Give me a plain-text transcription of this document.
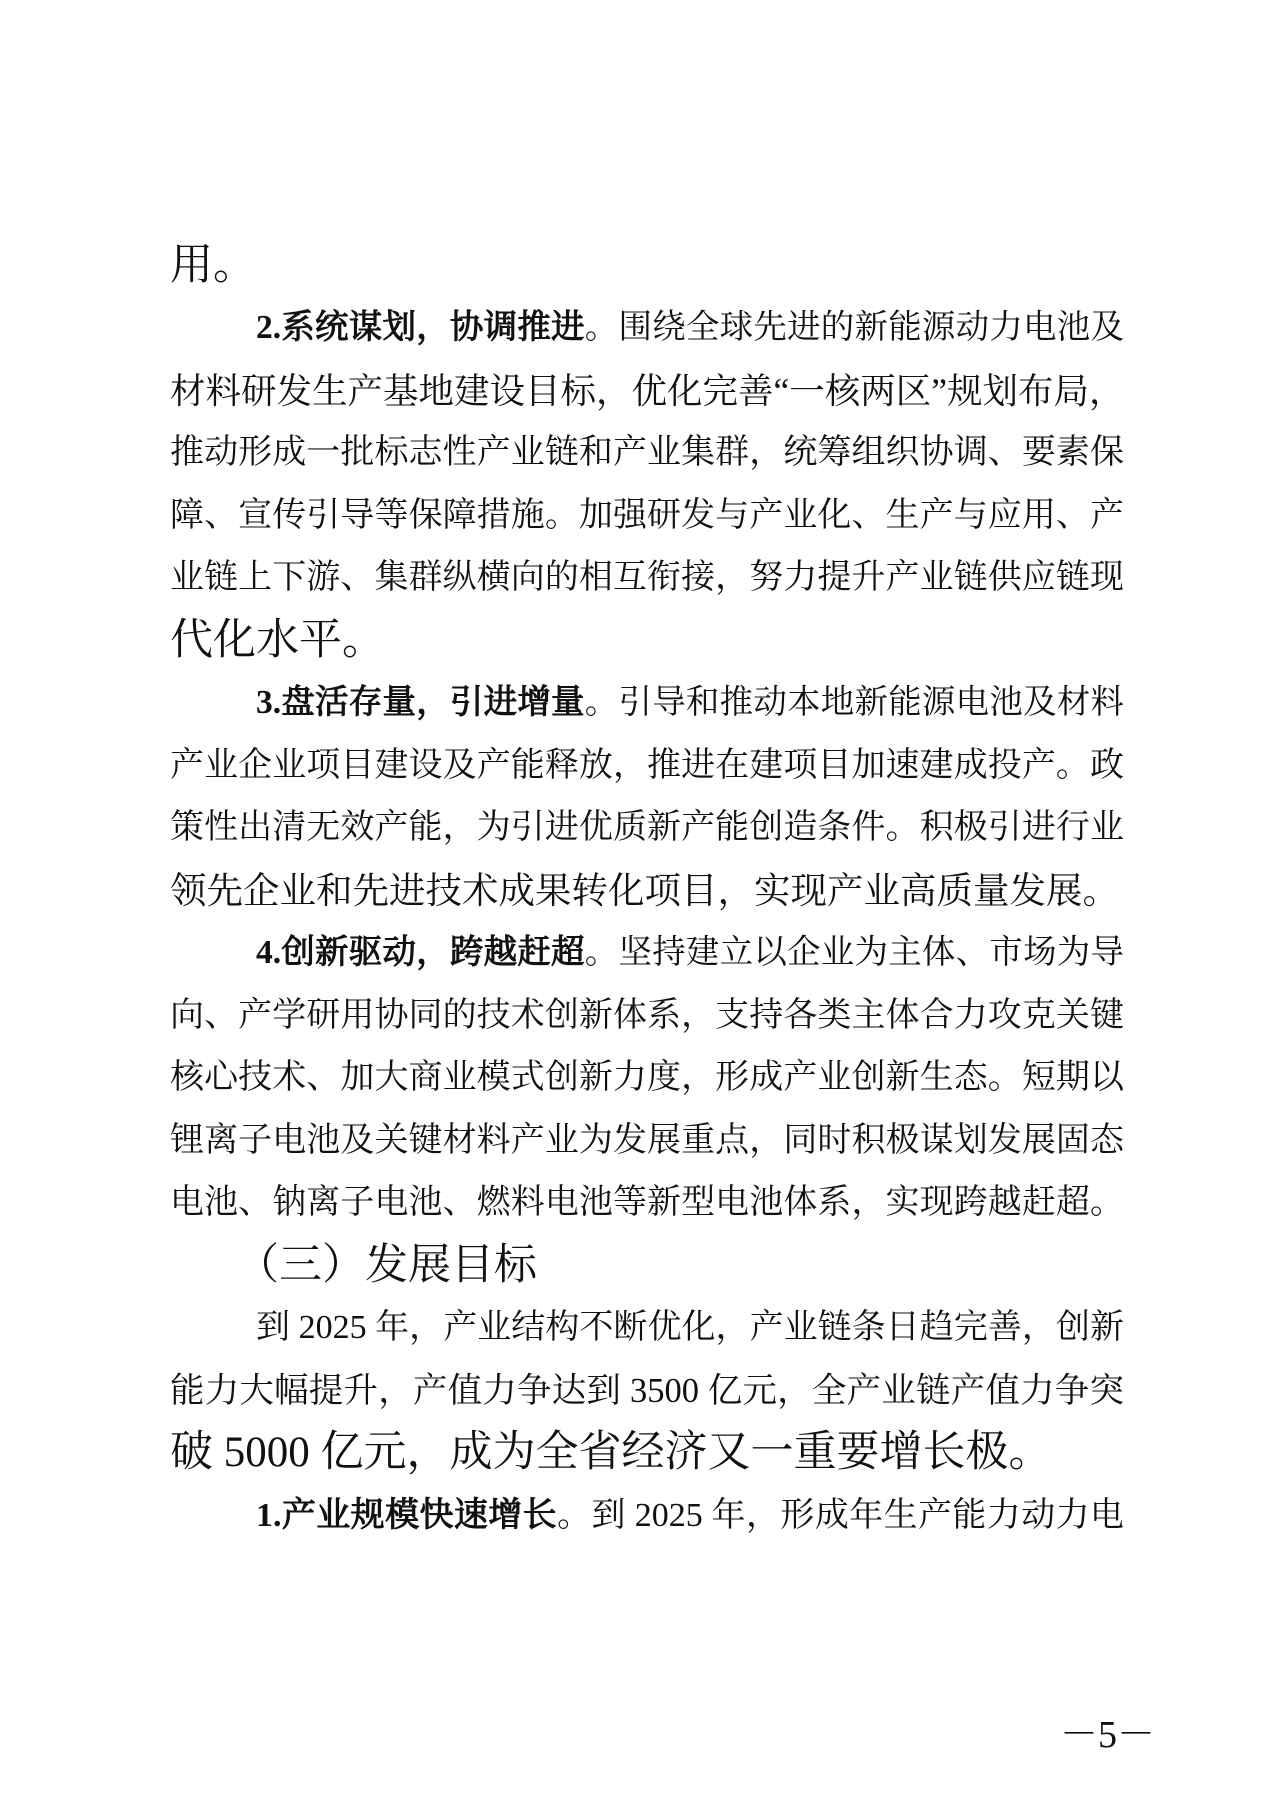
用。
2.系统谋划，协调推进。围绕全球先进的新能源动力电池及
材料研发生产基地建设目标，优化完善“一核两区”规划布局，
推动形成一批标志性产业链和产业集群，统筹组织协调、要素保
障、宣传引导等保障措施。加强研发与产业化、生产与应用、产
业链上下游、集群纵横向的相互衔接，努力提升产业链供应链现
代化水平。
3.盘活存量，引进增量。引导和推动本地新能源电池及材料
产业企业项目建设及产能释放，推进在建项目加速建成投产。政
策性出清无效产能，为引进优质新产能创造条件。积极引进行业
领先企业和先进技术成果转化项目，实现产业高质量发展。
4.创新驱动，跨越赶超。坚持建立以企业为主体、市场为导
向、产学研用协同的技术创新体系，支持各类主体合力攻克关键
核心技术、加大商业模式创新力度，形成产业创新生态。短期以
锂离子电池及关键材料产业为发展重点，同时积极谋划发展固态
电池、钠离子电池、燃料电池等新型电池体系，实现跨越赶超。
（三）发展目标
到 2025 年，产业结构不断优化，产业链条日趋完善，创新
能力大幅提升，产值力争达到 3500 亿元，全产业链产值力争突
破 5000 亿元，成为全省经济又一重要增长极。
1.产业规模快速增长。到 2025 年，形成年生产能力动力电
－5－
